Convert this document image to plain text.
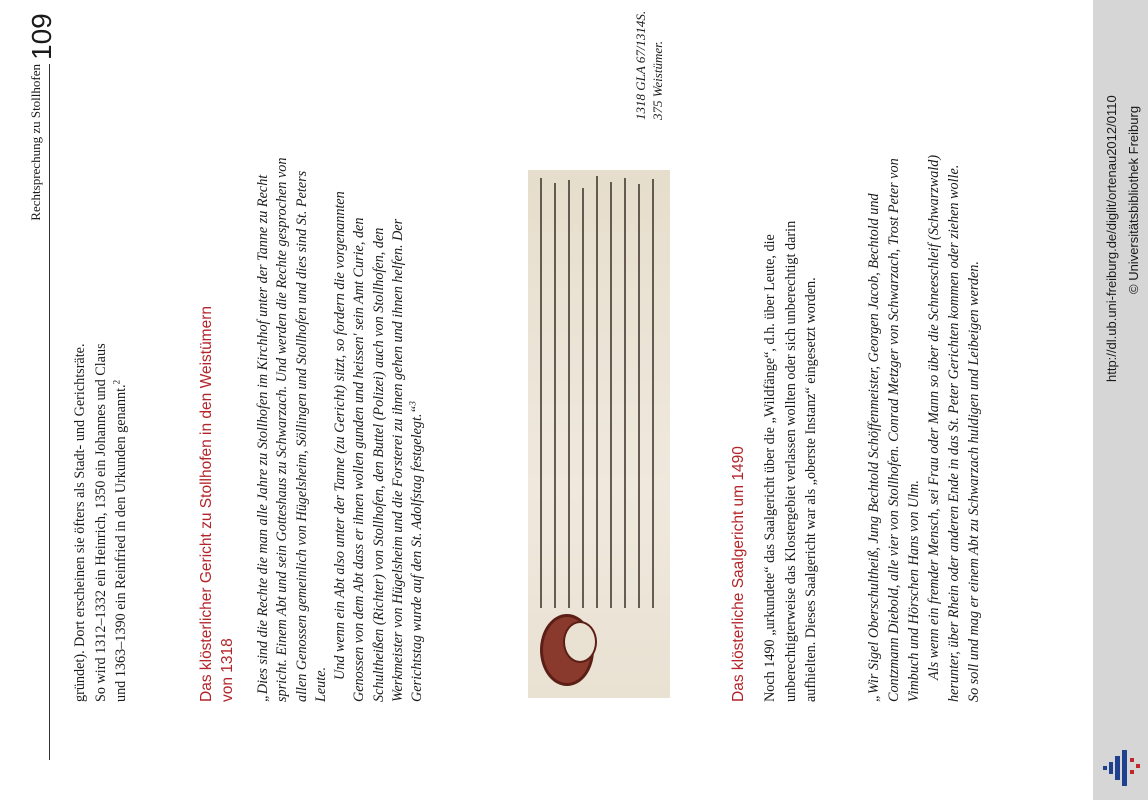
Rechtsprechung zu Stollhofen
109

gründet). Dort erscheinen sie öfters als Stadt- und Gerichtsräte. So wird 1312–1332 ein Heinrich, 1350 ein Johannes und Claus und 1363–1390 ein Reinfried in den Urkunden genannt.$^2$	Das klösterlicher Gericht zu Stollhofen in den Weistümern von 1318 „Dies sind die Rechte die man alle Jahre zu Stollhofen im Kirchhof unter der Tanne zu Recht spricht. Einem Abt und sein Gotteshaus zu Schwarzach. Und werden die Rechte gesprochen von allen Genossen gemeinlich von Hügelsheim, Söllingen und Stollhofen und dies sind St. Peters Leute.

Und wenn ein Abt also unter der Tanne (zu Gericht) sitzt, so fordern die vorgenannten Genossen von dem Abt dass er ihnen wollen gunden und heissen' sein Amt Curie, den Schultheißen (Richter) von Stollhofen, den Buttel (Polizei) auch von Stollhofen, den Werkmeister von Hügelsheim und die Forsterei zu ihnen gehen und ihnen helfen. Der Gerichtstag wurde auf den St. Adolfstag festgelegt.“$^3$

1318 GLA 67/1314S. 375 Weistümer.
Das klösterliche Saalgericht um 1490 Noch 1490 „urkundete“ das Saalgericht über die „Wildfänge“, d.h. über Leute, die unberechtigterweise das Klostergebiet verlassen wollten oder sich unberechtigt darin aufhielten. Dieses Saalgericht war als „oberste Instanz“ eingesetzt worden.	„Wir Sigel Oberschultheiß, Jung Bechtold Schöffenmeister, Georgen Jacob, Bechtold und Contzmann Diebold, alle vier von Stollhofen. Conrad Metzger von Schwarzach, Trost Peter von Vimbuch und Hörschen Hans von Ulm. Als wenn ein fremder Mensch, sei Frau oder Mann so über die Schneeschleif (Schwarzwald) herunter, über Rhein oder anderen Ende in das St. Peter Gerichten kommen oder ziehen wolle. So soll und mag er einem Abt zu Schwarzach huldigen und Leibeigen werden.

http://dl.ub.uni-freiburg.de/diglit/ortenau2012/0110 © Universitätsbibliothek Freiburg
